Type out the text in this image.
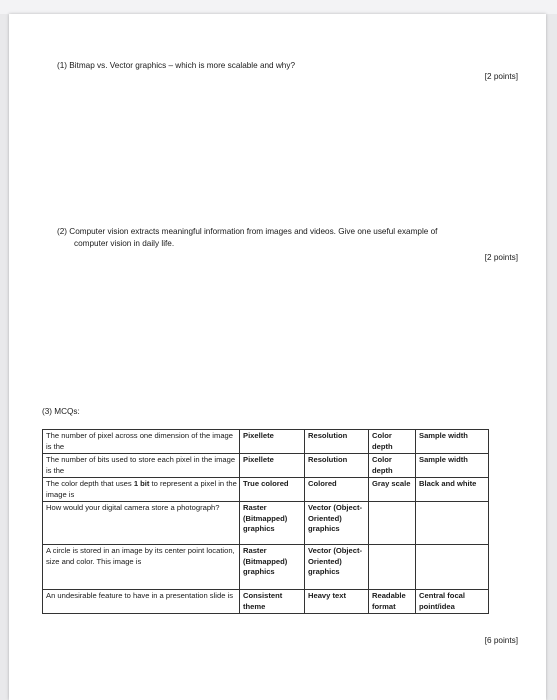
(1) Bitmap vs. Vector graphics – which is more scalable and why?
[2 points]
(2) Computer vision extracts meaningful information from images and videos. Give one useful example of
computer vision in daily life.
[2 points]
(3) MCQs:
The number of pixel across one dimension of the image is the	Pixellete	Resolution	Color depth	Sample width
The number of bits used to store each pixel in the image is the	Pixellete	Resolution	Color depth	Sample width
The color depth that uses 1 bit to represent a pixel in the image is	True colored	Colored	Gray scale	Black and white
How would your digital camera store a photograph?	Raster (Bitmapped) graphics	Vector (Object-Oriented) graphics		
A circle is stored in an image by its center point location, size and color. This image is	Raster (Bitmapped) graphics	Vector (Object-Oriented) graphics		
An undesirable feature to have in a presentation slide is	Consistent theme	Heavy text	Readable format	Central focal point/idea
[6 points]
